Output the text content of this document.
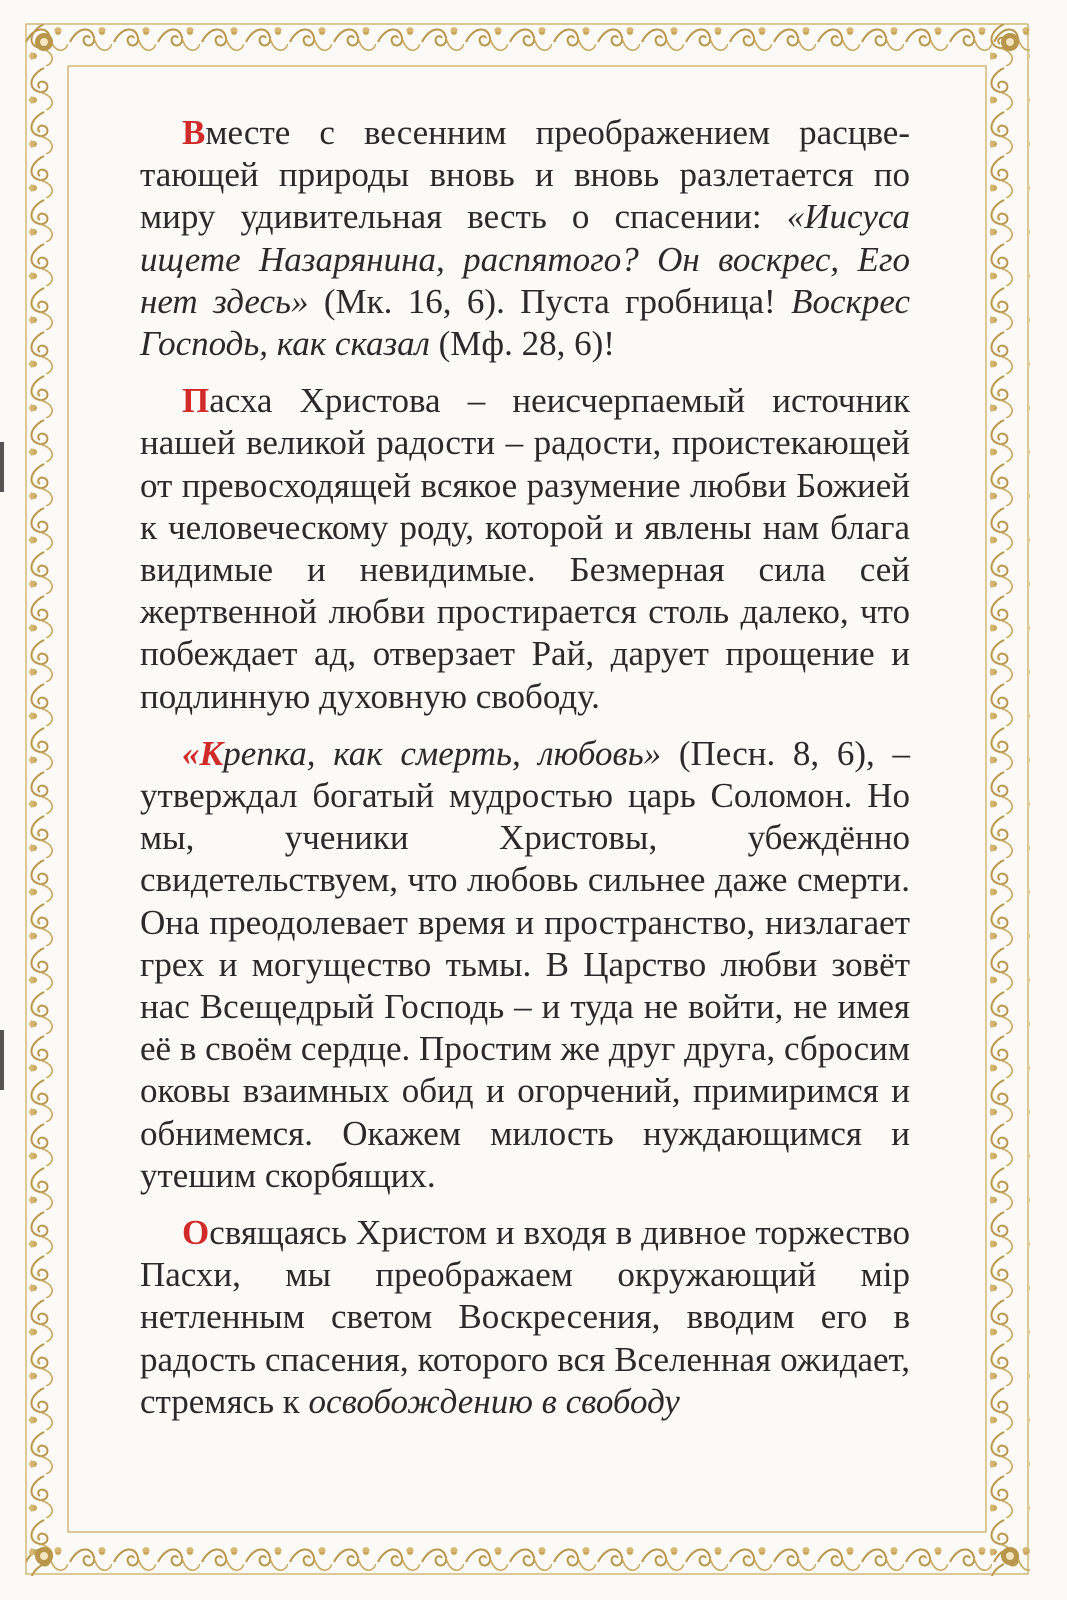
Вместе с весенним преображением расцве-тающей природы вновь и вновь разлетается по миру удивительная весть о спасении: «Иисуса ищете Назарянина, распятого? Он воскрес, Его нет здесь» (Мк. 16, 6). Пуста гробница! Воскрес Господь, как сказал (Мф. 28, 6)!

Пасха Христова – неисчерпаемый источник нашей великой радости – радости, проистекающей от превосходящей всякое разумение любви Божией к человеческому роду, которой и явлены нам блага видимые и невидимые. Безмерная сила сей жертвенной любви простирается столь далеко, что побеждает ад, отверзает Рай, дарует прощение и подлинную духовную свободу.

«Крепка, как смерть, любовь» (Песн. 8, 6), – утверждал богатый мудростью царь Соломон. Но мы, ученики Христовы, убеждённо свидетельствуем, что любовь сильнее даже смерти. Она преодолевает время и пространство, низлагает грех и могущество тьмы. В Царство любви зовёт нас Всещедрый Господь – и туда не войти, не имея её в своём сердце. Простим же друг друга, сбросим оковы взаимных обид и огорчений, примиримся и обнимемся. Окажем милость нуждающимся и утешим скорбящих.

Освящаясь Христом и входя в дивное торжество Пасхи, мы преображаем окружающий мiр нетленным светом Воскресения, вводим его в радость спасения, которого вся Вселенная ожидает, стремясь к освобождению в свободу
